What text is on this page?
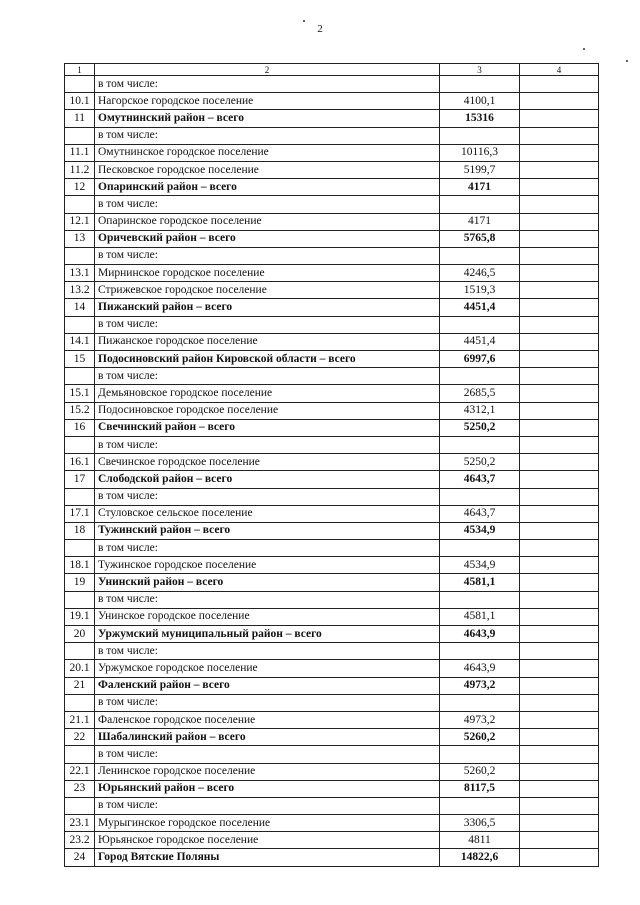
2
1	2	3	4
	в том числе:		
10.1	Нагорское городское поселение	4100,1	
11	Омутнинский район – всего	15316	
	в том числе:		
11.1	Омутнинское городское поселение	10116,3	
11.2	Песковское городское поселение	5199,7	
12	Опаринский район – всего	4171	
	в том числе:		
12.1	Опаринское городское поселение	4171	
13	Оричевский район – всего	5765,8	
	в том числе:		
13.1	Мирнинское городское поселение	4246,5	
13.2	Стрижевское городское поселение	1519,3	
14	Пижанский район – всего	4451,4	
	в том числе:		
14.1	Пижанское городское поселение	4451,4	
15	Подосиновский район Кировской области – всего	6997,6	
	в том числе:		
15.1	Демьяновское городское поселение	2685,5	
15.2	Подосиновское городское поселение	4312,1	
16	Свечинский район – всего	5250,2	
	в том числе:		
16.1	Свечинское городское поселение	5250,2	
17	Слободской район – всего	4643,7	
	в том числе:		
17.1	Стуловское сельское поселение	4643,7	
18	Тужинский район – всего	4534,9	
	в том числе:		
18.1	Тужинское городское поселение	4534,9	
19	Унинский район – всего	4581,1	
	в том числе:		
19.1	Унинское городское поселение	4581,1	
20	Уржумский муниципальный район – всего	4643,9	
	в том числе:		
20.1	Уржумское городское поселение	4643,9	
21	Фаленский район – всего	4973,2	
	в том числе:		
21.1	Фаленское городское поселение	4973,2	
22	Шабалинский район – всего	5260,2	
	в том числе:		
22.1	Ленинское городское поселение	5260,2	
23	Юрьянский район – всего	8117,5	
	в том числе:		
23.1	Мурыгинское городское поселение	3306,5	
23.2	Юрьянское городское поселение	4811	
24	Город Вятские Поляны	14822,6	
